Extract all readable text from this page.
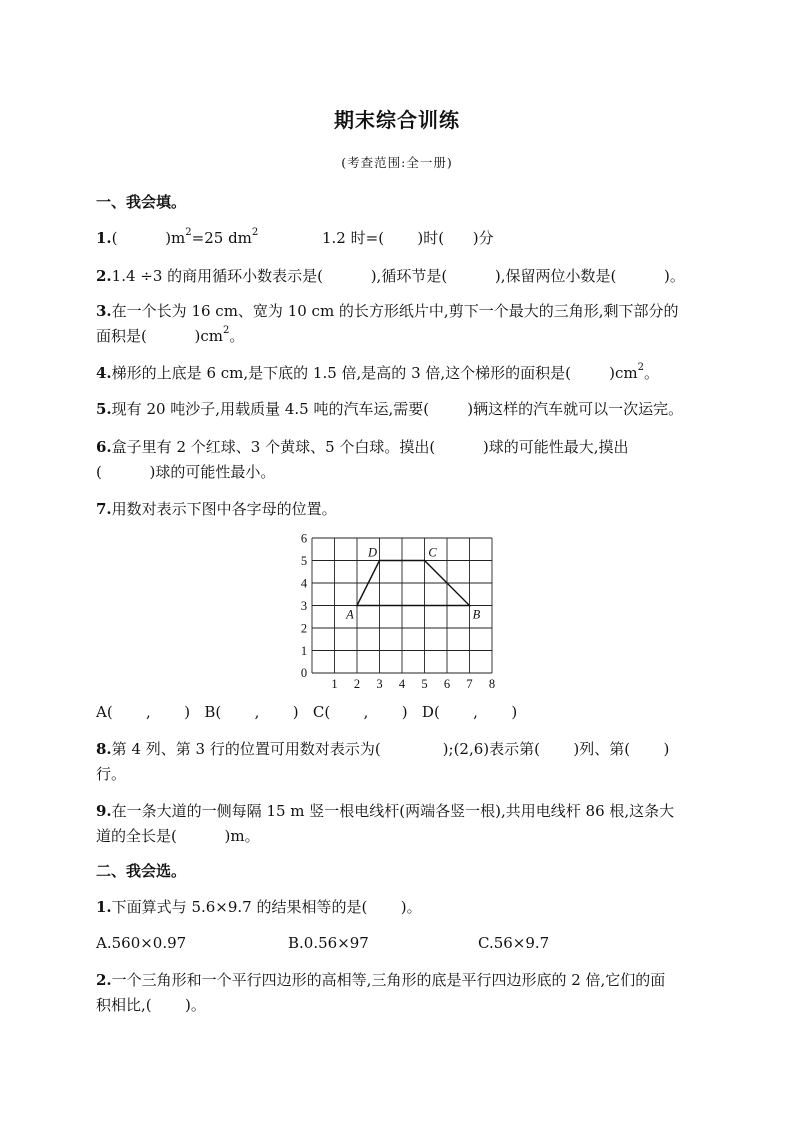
期末综合训练
(考查范围:全一册)
一、我会填。
1.(          )$m^2=25$ $dm^2$	1.2 时=(       )时(      )分
2.1.4 ÷3 的商用循环小数表示是(          ),循环节是(          ),保留两位小数是(          )。
3.在一个长为 16 cm、宽为 10 cm 的长方形纸片中,剪下一个最大的三角形,剩下部分的
面积是(          )$cm^2$。
4.梯形的上底是 6 cm,是下底的 1.5 倍,是高的 3 倍,这个梯形的面积是(        )$cm^2$。
5.现有 20 吨沙子,用载质量 4.5 吨的汽车运,需要(        )辆这样的汽车就可以一次运完。
6.盒子里有 2 个红球、3 个黄球、5 个白球。摸出(          )球的可能性最大,摸出
(          )球的可能性最小。
7.用数对表示下图中各字母的位置。
0
1 2 3 4 5 6 7 8
1
2
3
4
5
6
A	B
C
D
A(       ,       )   B(       ,       )   C(       ,       )   D(       ,       )
8.第 4 列、第 3 行的位置可用数对表示为(             );(2,6)表示第(       )列、第(       )
行。
9.在一条大道的一侧每隔 15 m 竖一根电线杆(两端各竖一根),共用电线杆 86 根,这条大
道的全长是(          )m。
二、我会选。
1.下面算式与 5.6×9.7 的结果相等的是(       )。
A.560×0.97	B.0.56×97	C.56×9.7
2.一个三角形和一个平行四边形的高相等,三角形的底是平行四边形底的 2 倍,它们的面
积相比,(       )。
